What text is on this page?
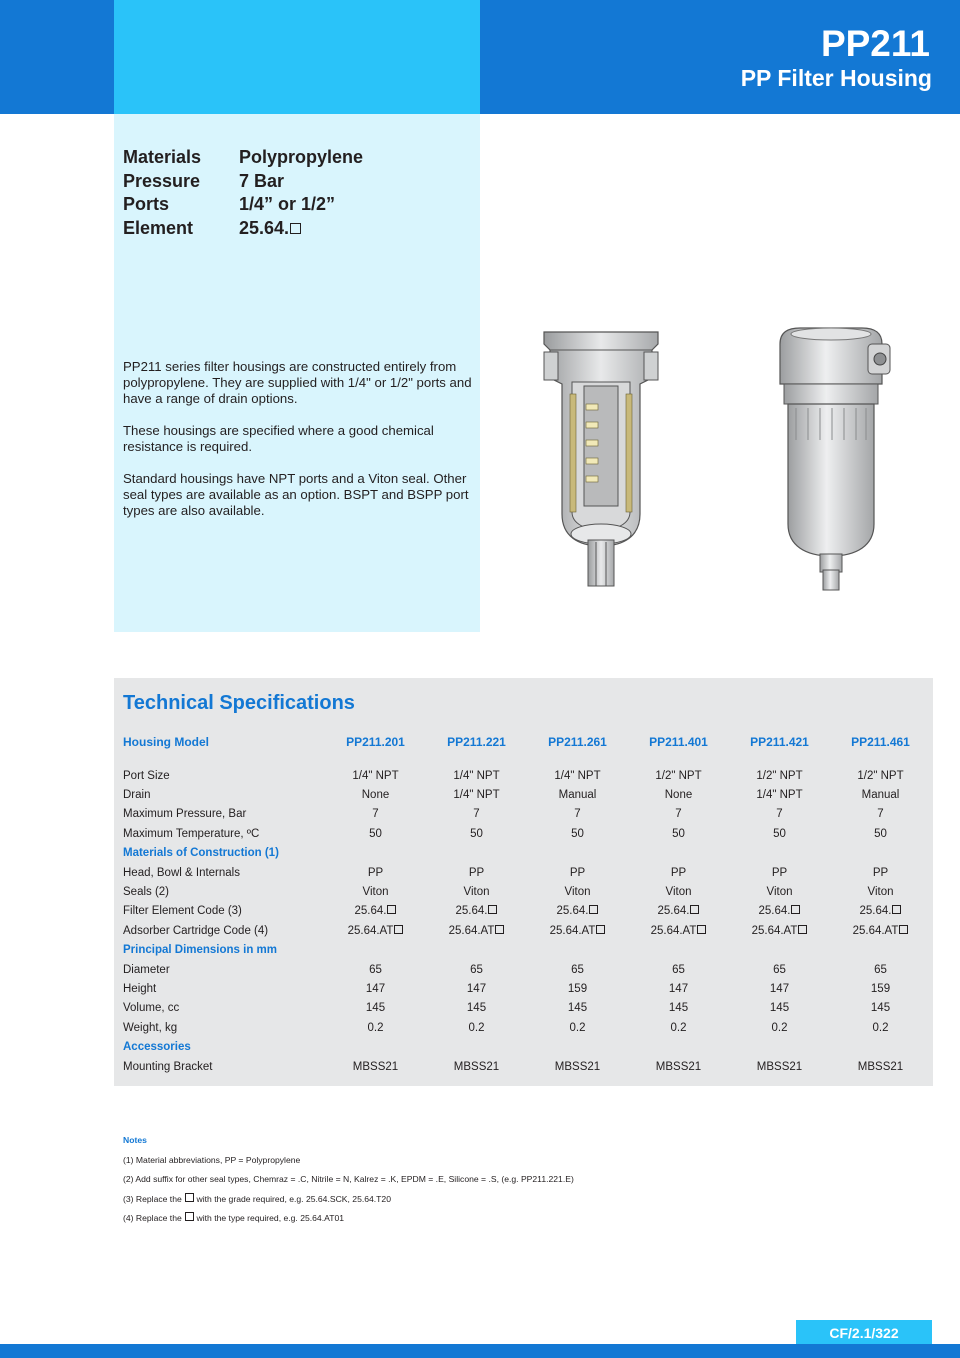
PP211
PP Filter Housing
Materials	Polypropylene
Pressure	7 Bar
Ports	1/4” or 1/2”
Element	25.64.

PP211 series filter housings are constructed entirely from polypropylene. They are supplied with 1/4" or 1/2" ports and have a range of drain options.

These housings are specified where a good chemical resistance is required.

Standard housings have NPT ports and a Viton seal. Other seal types are available as an option. BSPT and BSPP port types are also available.

Technical Specifications
Housing Model	PP211.201	PP211.221	PP211.261	PP211.401	PP211.421	PP211.461

Port Size	1/4" NPT	1/4" NPT	1/4" NPT	1/2" NPT	1/2" NPT	1/2" NPT
Drain	None	1/4" NPT	Manual	None	1/4" NPT	Manual
Maximum Pressure, Bar	7	7	7	7	7	7
Maximum Temperature, ºC	50	50	50	50	50	50
Materials of Construction (1)						
Head, Bowl & Internals	PP	PP	PP	PP	PP	PP
Seals (2)	Viton	Viton	Viton	Viton	Viton	Viton
Filter Element Code (3)	25.64.	25.64.	25.64.	25.64.	25.64.	25.64.
Adsorber Cartridge Code (4)	25.64.AT	25.64.AT	25.64.AT	25.64.AT	25.64.AT	25.64.AT
Principal Dimensions in mm						
Diameter	65	65	65	65	65	65
Height	147	147	159	147	147	159
Volume, cc	145	145	145	145	145	145
Weight, kg	0.2	0.2	0.2	0.2	0.2	0.2
Accessories						
Mounting Bracket	MBSS21	MBSS21	MBSS21	MBSS21	MBSS21	MBSS21
Notes
(1) Material abbreviations, PP = Polypropylene
(2) Add suffix for other seal types, Chemraz = .C, Nitrile = N, Kalrez = .K, EPDM = .E, Silicone = .S, (e.g. PP211.221.E)
(3) Replace the with the grade required, e.g. 25.64.SCK, 25.64.T20
(4) Replace the with the type required, e.g. 25.64.AT01
CF/2.1/322
